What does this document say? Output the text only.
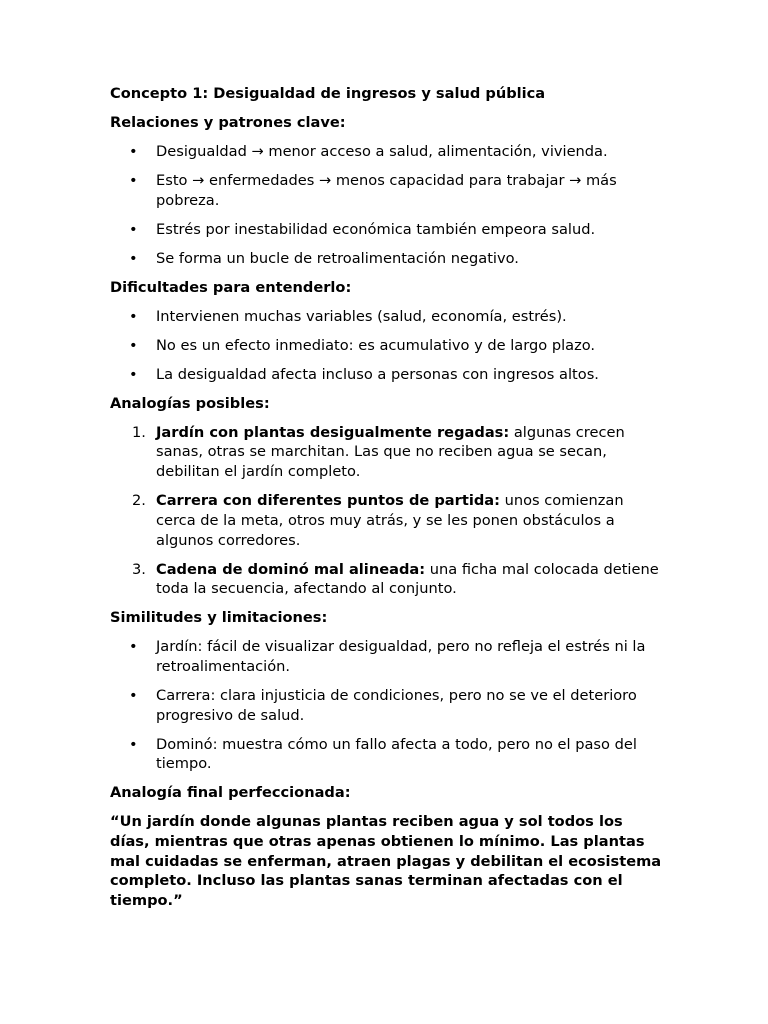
Concepto 1: Desigualdad de ingresos y salud pública

Relaciones y patrones clave:

• Desigualdad → menor acceso a salud, alimentación, vivienda.
• Esto → enfermedades → menos capacidad para trabajar → más pobreza.
• Estrés por inestabilidad económica también empeora salud.
• Se forma un bucle de retroalimentación negativo.

Dificultades para entenderlo:

• Intervienen muchas variables (salud, economía, estrés).
• No es un efecto inmediato: es acumulativo y de largo plazo.
• La desigualdad afecta incluso a personas con ingresos altos.

Analogías posibles:

1. Jardín con plantas desigualmente regadas: algunas crecen sanas, otras se marchitan. Las que no reciben agua se secan, debilitan el jardín completo.
2. Carrera con diferentes puntos de partida: unos comienzan cerca de la meta, otros muy atrás, y se les ponen obstáculos a algunos corredores.
3. Cadena de dominó mal alineada: una ficha mal colocada detiene toda la secuencia, afectando al conjunto.

Similitudes y limitaciones:

• Jardín: fácil de visualizar desigualdad, pero no refleja el estrés ni la retroalimentación.
• Carrera: clara injusticia de condiciones, pero no se ve el deterioro progresivo de salud.
• Dominó: muestra cómo un fallo afecta a todo, pero no el paso del tiempo.

Analogía final perfeccionada:

“Un jardín donde algunas plantas reciben agua y sol todos los días, mientras que otras apenas obtienen lo mínimo. Las plantas mal cuidadas se enferman, atraen plagas y debilitan el ecosistema completo. Incluso las plantas sanas terminan afectadas con el tiempo.”
